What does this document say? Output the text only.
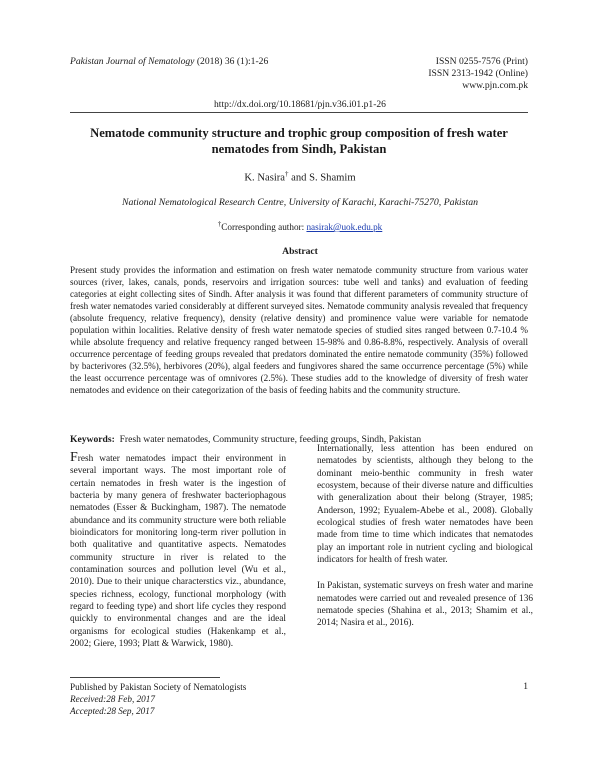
Pakistan Journal of Nematology (2018) 36 (1):1-26	ISSN 0255-7576 (Print)
ISSN 2313-1942 (Online)
www.pjn.com.pk
http://dx.doi.org/10.18681/pjn.v36.i01.p1-26
Nematode community structure and trophic group composition of fresh water nematodes from Sindh, Pakistan
K. Nasira† and S. Shamim
National Nematological Research Centre, University of Karachi, Karachi-75270, Pakistan
†Corresponding author: nasirak@uok.edu.pk
Abstract
Present study provides the information and estimation on fresh water nematode community structure from various water sources (river, lakes, canals, ponds, reservoirs and irrigation sources: tube well and tanks) and evaluation of feeding categories at eight collecting sites of Sindh. After analysis it was found that different parameters of community structure of fresh water nematodes varied considerably at different surveyed sites. Nematode community analysis revealed that frequency (absolute frequency, relative frequency), density (relative density) and prominence value were variable for nematode population within localities. Relative density of fresh water nematode species of studied sites ranged between 0.7-10.4 % while absolute frequency and relative frequency ranged between 15-98% and 0.86-8.8%, respectively. Analysis of overall occurrence percentage of feeding groups revealed that predators dominated the entire nematode community (35%) followed by bacterivores (32.5%), herbivores (20%), algal feeders and fungivores shared the same occurrence percentage (5%) while the least occurrence percentage was of omnivores (2.5%). These studies add to the knowledge of diversity of fresh water nematodes and evidence on their categorization of the basis of feeding habits and the community structure.
Keywords: Fresh water nematodes, Community structure, feeding groups, Sindh, Pakistan

Fresh water nematodes impact their environment in several important ways. The most important role of certain nematodes in fresh water is the ingestion of bacteria by many genera of freshwater bacteriophagous nematodes (Esser & Buckingham, 1987). The nematode abundance and its community structure were both reliable bioindicators for monitoring long-term river pollution in both qualitative and quantitative aspects. Nematodes community structure in river is related to the contamination sources and pollution level (Wu et al., 2010). Due to their unique characterstics viz., abundance, species richness, ecology, functional morphology (with regard to feeding type) and short life cycles they respond quickly to environmental changes and are the ideal organisms for ecological studies (Hakenkamp et al., 2002; Giere, 1993; Platt & Warwick, 1980).

Internationally, less attention has been endured on nematodes by scientists, although they belong to the dominant meio-benthic community in fresh water ecosystem, because of their diverse nature and difficulties with generalization about their belong (Strayer, 1985; Anderson, 1992; Eyualem-Abebe et al., 2008). Globally ecological studies of fresh water nematodes have been made from time to time which indicates that nematodes play an important role in nutrient cycling and biological indicators for health of fresh water.

In Pakistan, systematic surveys on fresh water and marine nematodes were carried out and revealed presence of 136 nematode species (Shahina et al., 2013; Shamim et al., 2014; Nasira et al., 2016).

Published by Pakistan Society of Nematologists
Received:28 Feb, 2017
Accepted:28 Sep, 2017
1
